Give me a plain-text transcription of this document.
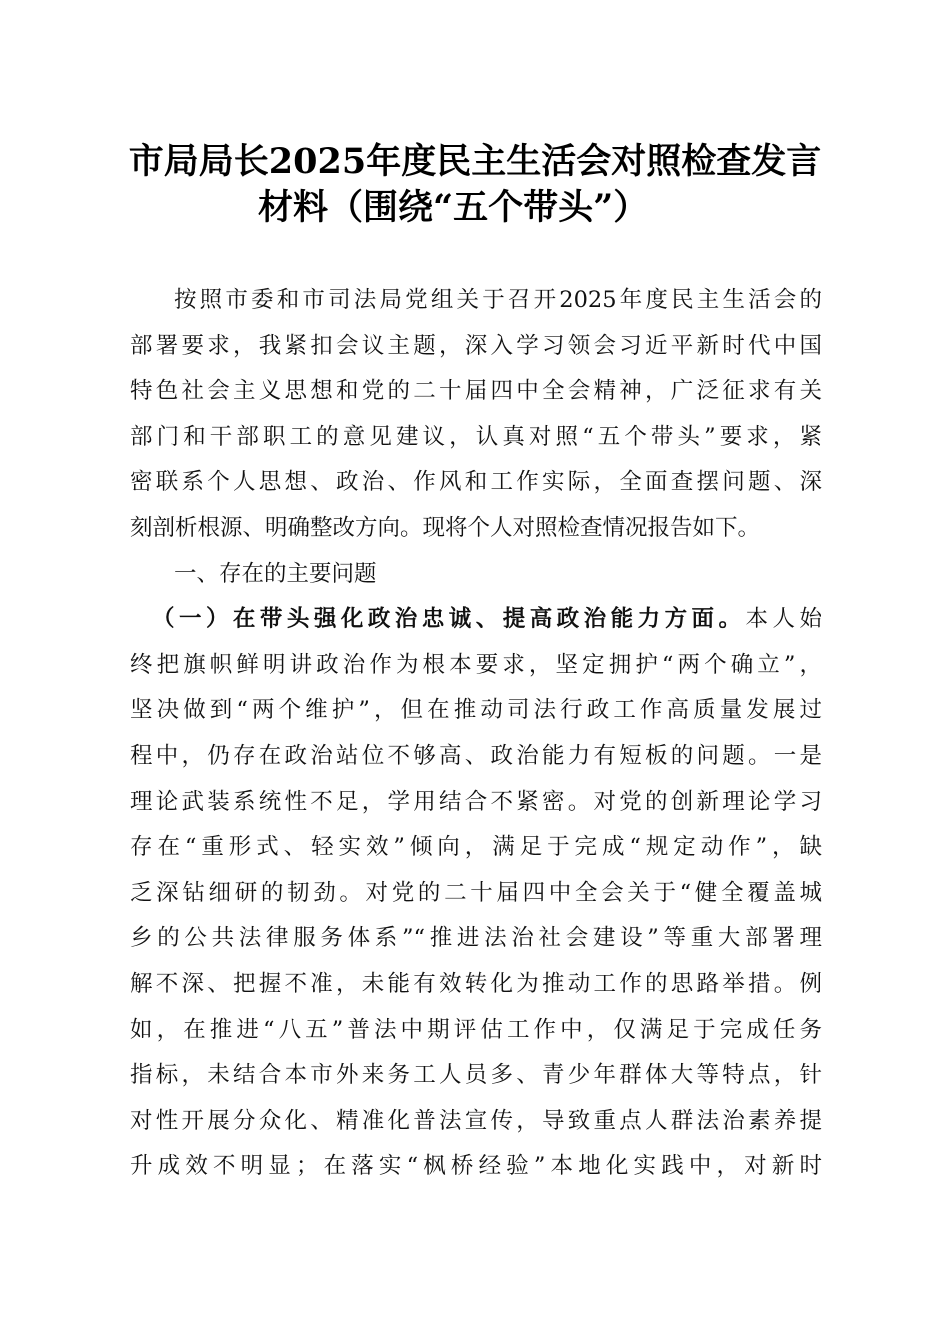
市局局长2025年度民主生活会对照检查发言
材料（围绕“五个带头”）
按照市委和市司法局党组关于召开2025年度民主生活会的
部署要求，我紧扣会议主题，深入学习领会习近平新时代中国
特色社会主义思想和党的二十届四中全会精神，广泛征求有关
部门和干部职工的意见建议，认真对照“五个带头”要求，紧
密联系个人思想、政治、作风和工作实际，全面查摆问题、深
刻剖析根源、明确整改方向。现将个人对照检查情况报告如下。
一、存在的主要问题
（一）在带头强化政治忠诚、提高政治能力方面。本人始
终把旗帜鲜明讲政治作为根本要求，坚定拥护“两个确立”，
坚决做到“两个维护”，但在推动司法行政工作高质量发展过
程中，仍存在政治站位不够高、政治能力有短板的问题。一是
理论武装系统性不足，学用结合不紧密。对党的创新理论学习
存在“重形式、轻实效”倾向，满足于完成“规定动作”，缺
乏深钻细研的韧劲。对党的二十届四中全会关于“健全覆盖城
乡的公共法律服务体系”“推进法治社会建设”等重大部署理
解不深、把握不准，未能有效转化为推动工作的思路举措。例
如，在推进“八五”普法中期评估工作中，仅满足于完成任务
指标，未结合本市外来务工人员多、青少年群体大等特点，针
对性开展分众化、精准化普法宣传，导致重点人群法治素养提
升成效不明显；在落实“枫桥经验”本地化实践中，对新时
